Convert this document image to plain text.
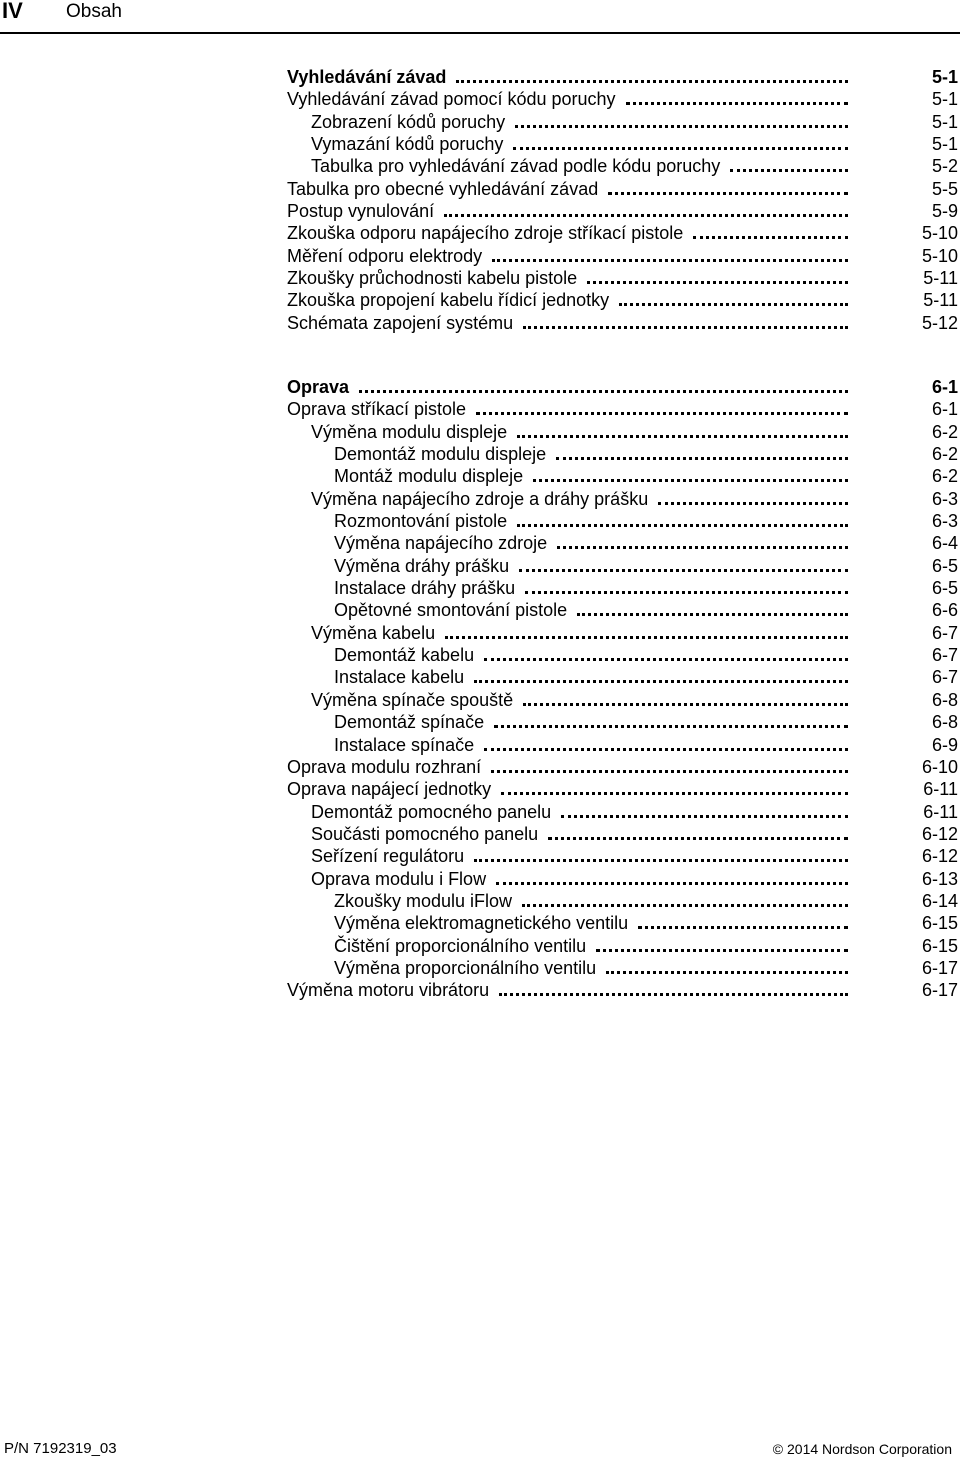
IV Obsah
Vyhledávání závad	5-1
Vyhledávání závad pomocí kódu poruchy	5-1
Zobrazení kódů poruchy	5-1
Vymazání kódů poruchy	5-1
Tabulka pro vyhledávání závad podle kódu poruchy	5-2
Tabulka pro obecné vyhledávání závad	5-5
Postup vynulování	5-9
Zkouška odporu napájecího zdroje stříkací pistole	5-10
Měření odporu elektrody	5-10
Zkoušky průchodnosti kabelu pistole	5-11
Zkouška propojení kabelu řídicí jednotky	5-11
Schémata zapojení systému	5-12
Oprava	6-1
Oprava stříkací pistole	6-1
Výměna modulu displeje	6-2
Demontáž modulu displeje	6-2
Montáž modulu displeje	6-2
Výměna napájecího zdroje a dráhy prášku	6-3
Rozmontování pistole	6-3
Výměna napájecího zdroje	6-4
Výměna dráhy prášku	6-5
Instalace dráhy prášku	6-5
Opětovné smontování pistole	6-6
Výměna kabelu	6-7
Demontáž kabelu	6-7
Instalace kabelu	6-7
Výměna spínače spouště	6-8
Demontáž spínače	6-8
Instalace spínače	6-9
Oprava modulu rozhraní	6-10
Oprava napájecí jednotky	6-11
Demontáž pomocného panelu	6-11
Součásti pomocného panelu	6-12
Seřízení regulátoru	6-12
Oprava modulu i Flow	6-13
Zkoušky modulu iFlow	6-14
Výměna elektromagnetického ventilu	6-15
Čištění proporcionálního ventilu	6-15
Výměna proporcionálního ventilu	6-17
Výměna motoru vibrátoru	6-17
P/N 7192319_03	© 2014 Nordson Corporation
